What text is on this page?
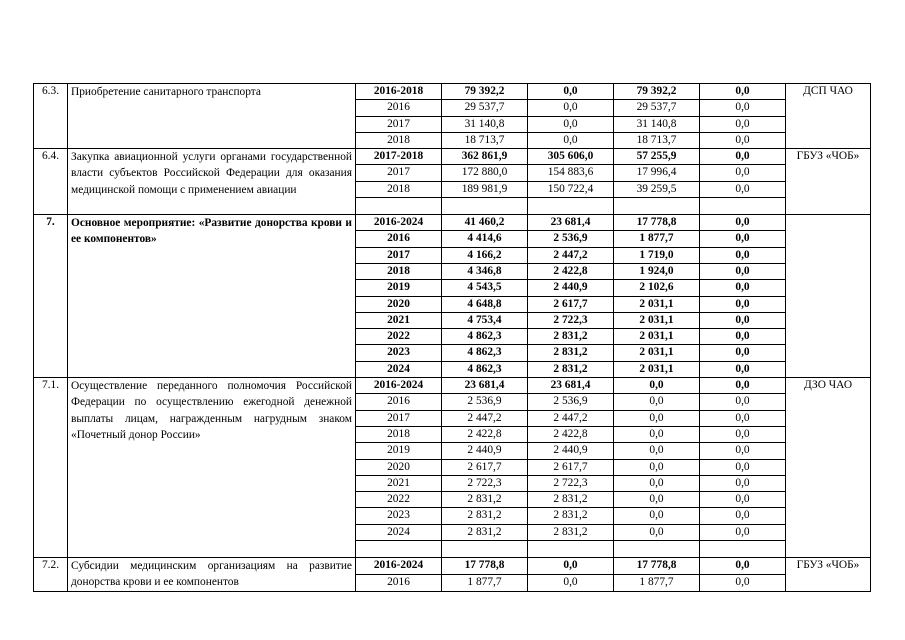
6.3.	Приобретение санитарного транспорта	2016-2018	79 392,2	0,0	79 392,2	0,0	ДСП ЧАО
		2016	29 537,7	0,0	29 537,7	0,0	
		2017	31 140,8	0,0	31 140,8	0,0	
		2018	18 713,7	0,0	18 713,7	0,0	
6.4.	Закупка авиационной услуги органами государственной власти субъектов Российской Федерации для оказания медицинской помощи с применением авиации	2017-2018	362 861,9	305 606,0	57 255,9	0,0	ГБУЗ «ЧОБ»
		2017	172 880,0	154 883,6	17 996,4	0,0	
		2018	189 981,9	150 722,4	39 259,5	0,0	

7.	Основное мероприятие: «Развитие донорства крови и ее компонентов»	2016-2024	41 460,2	23 681,4	17 778,8	0,0	
		2016	4 414,6	2 536,9	1 877,7	0,0	
		2017	4 166,2	2 447,2	1 719,0	0,0	
		2018	4 346,8	2 422,8	1 924,0	0,0	
		2019	4 543,5	2 440,9	2 102,6	0,0	
		2020	4 648,8	2 617,7	2 031,1	0,0	
		2021	4 753,4	2 722,3	2 031,1	0,0	
		2022	4 862,3	2 831,2	2 031,1	0,0	
		2023	4 862,3	2 831,2	2 031,1	0,0	
		2024	4 862,3	2 831,2	2 031,1	0,0	
7.1.	Осуществление переданного полномочия Российской Федерации по осуществлению ежегодной денежной выплаты лицам, награжденным нагрудным знаком «Почетный донор России»	2016-2024	23 681,4	23 681,4	0,0	0,0	ДЗО ЧАО
		2016	2 536,9	2 536,9	0,0	0,0	
		2017	2 447,2	2 447,2	0,0	0,0	
		2018	2 422,8	2 422,8	0,0	0,0	
		2019	2 440,9	2 440,9	0,0	0,0	
		2020	2 617,7	2 617,7	0,0	0,0	
		2021	2 722,3	2 722,3	0,0	0,0	
		2022	2 831,2	2 831,2	0,0	0,0	
		2023	2 831,2	2 831,2	0,0	0,0	
		2024	2 831,2	2 831,2	0,0	0,0	

7.2.	Субсидии медицинским организациям на развитие донорства крови и ее компонентов	2016-2024	17 778,8	0,0	17 778,8	0,0	ГБУЗ «ЧОБ»
		2016	1 877,7	0,0	1 877,7	0,0	
